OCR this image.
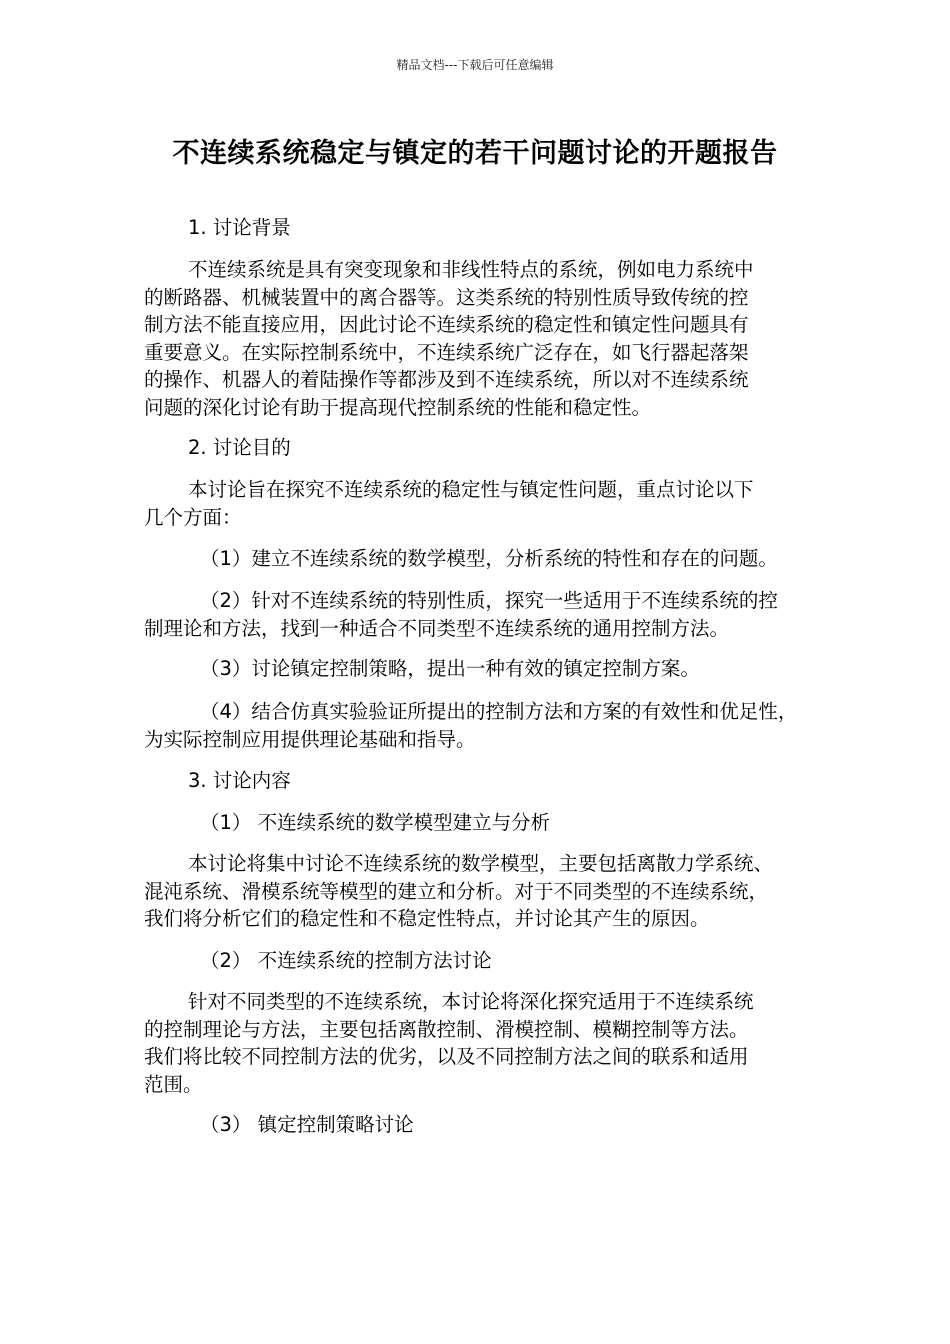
精品文档---下载后可任意编辑
不连续系统稳定与镇定的若干问题讨论的开题报告
1. 讨论背景
不连续系统是具有突变现象和非线性特点的系统，例如电力系统中
的断路器、机械装置中的离合器等。这类系统的特别性质导致传统的控
制方法不能直接应用，因此讨论不连续系统的稳定性和镇定性问题具有
重要意义。在实际控制系统中，不连续系统广泛存在，如飞行器起落架
的操作、机器人的着陆操作等都涉及到不连续系统，所以对不连续系统
问题的深化讨论有助于提高现代控制系统的性能和稳定性。
2. 讨论目的
本讨论旨在探究不连续系统的稳定性与镇定性问题，重点讨论以下
几个方面：
（1）建立不连续系统的数学模型，分析系统的特性和存在的问题。
（2）针对不连续系统的特别性质，探究一些适用于不连续系统的控
制理论和方法，找到一种适合不同类型不连续系统的通用控制方法。
（3）讨论镇定控制策略，提出一种有效的镇定控制方案。
（4）结合仿真实验验证所提出的控制方法和方案的有效性和优足性，
为实际控制应用提供理论基础和指导。
3. 讨论内容
（1） 不连续系统的数学模型建立与分析
本讨论将集中讨论不连续系统的数学模型，主要包括离散力学系统、
混沌系统、滑模系统等模型的建立和分析。对于不同类型的不连续系统，
我们将分析它们的稳定性和不稳定性特点，并讨论其产生的原因。
（2） 不连续系统的控制方法讨论
针对不同类型的不连续系统，本讨论将深化探究适用于不连续系统
的控制理论与方法，主要包括离散控制、滑模控制、模糊控制等方法。
我们将比较不同控制方法的优劣，以及不同控制方法之间的联系和适用
范围。
（3） 镇定控制策略讨论
